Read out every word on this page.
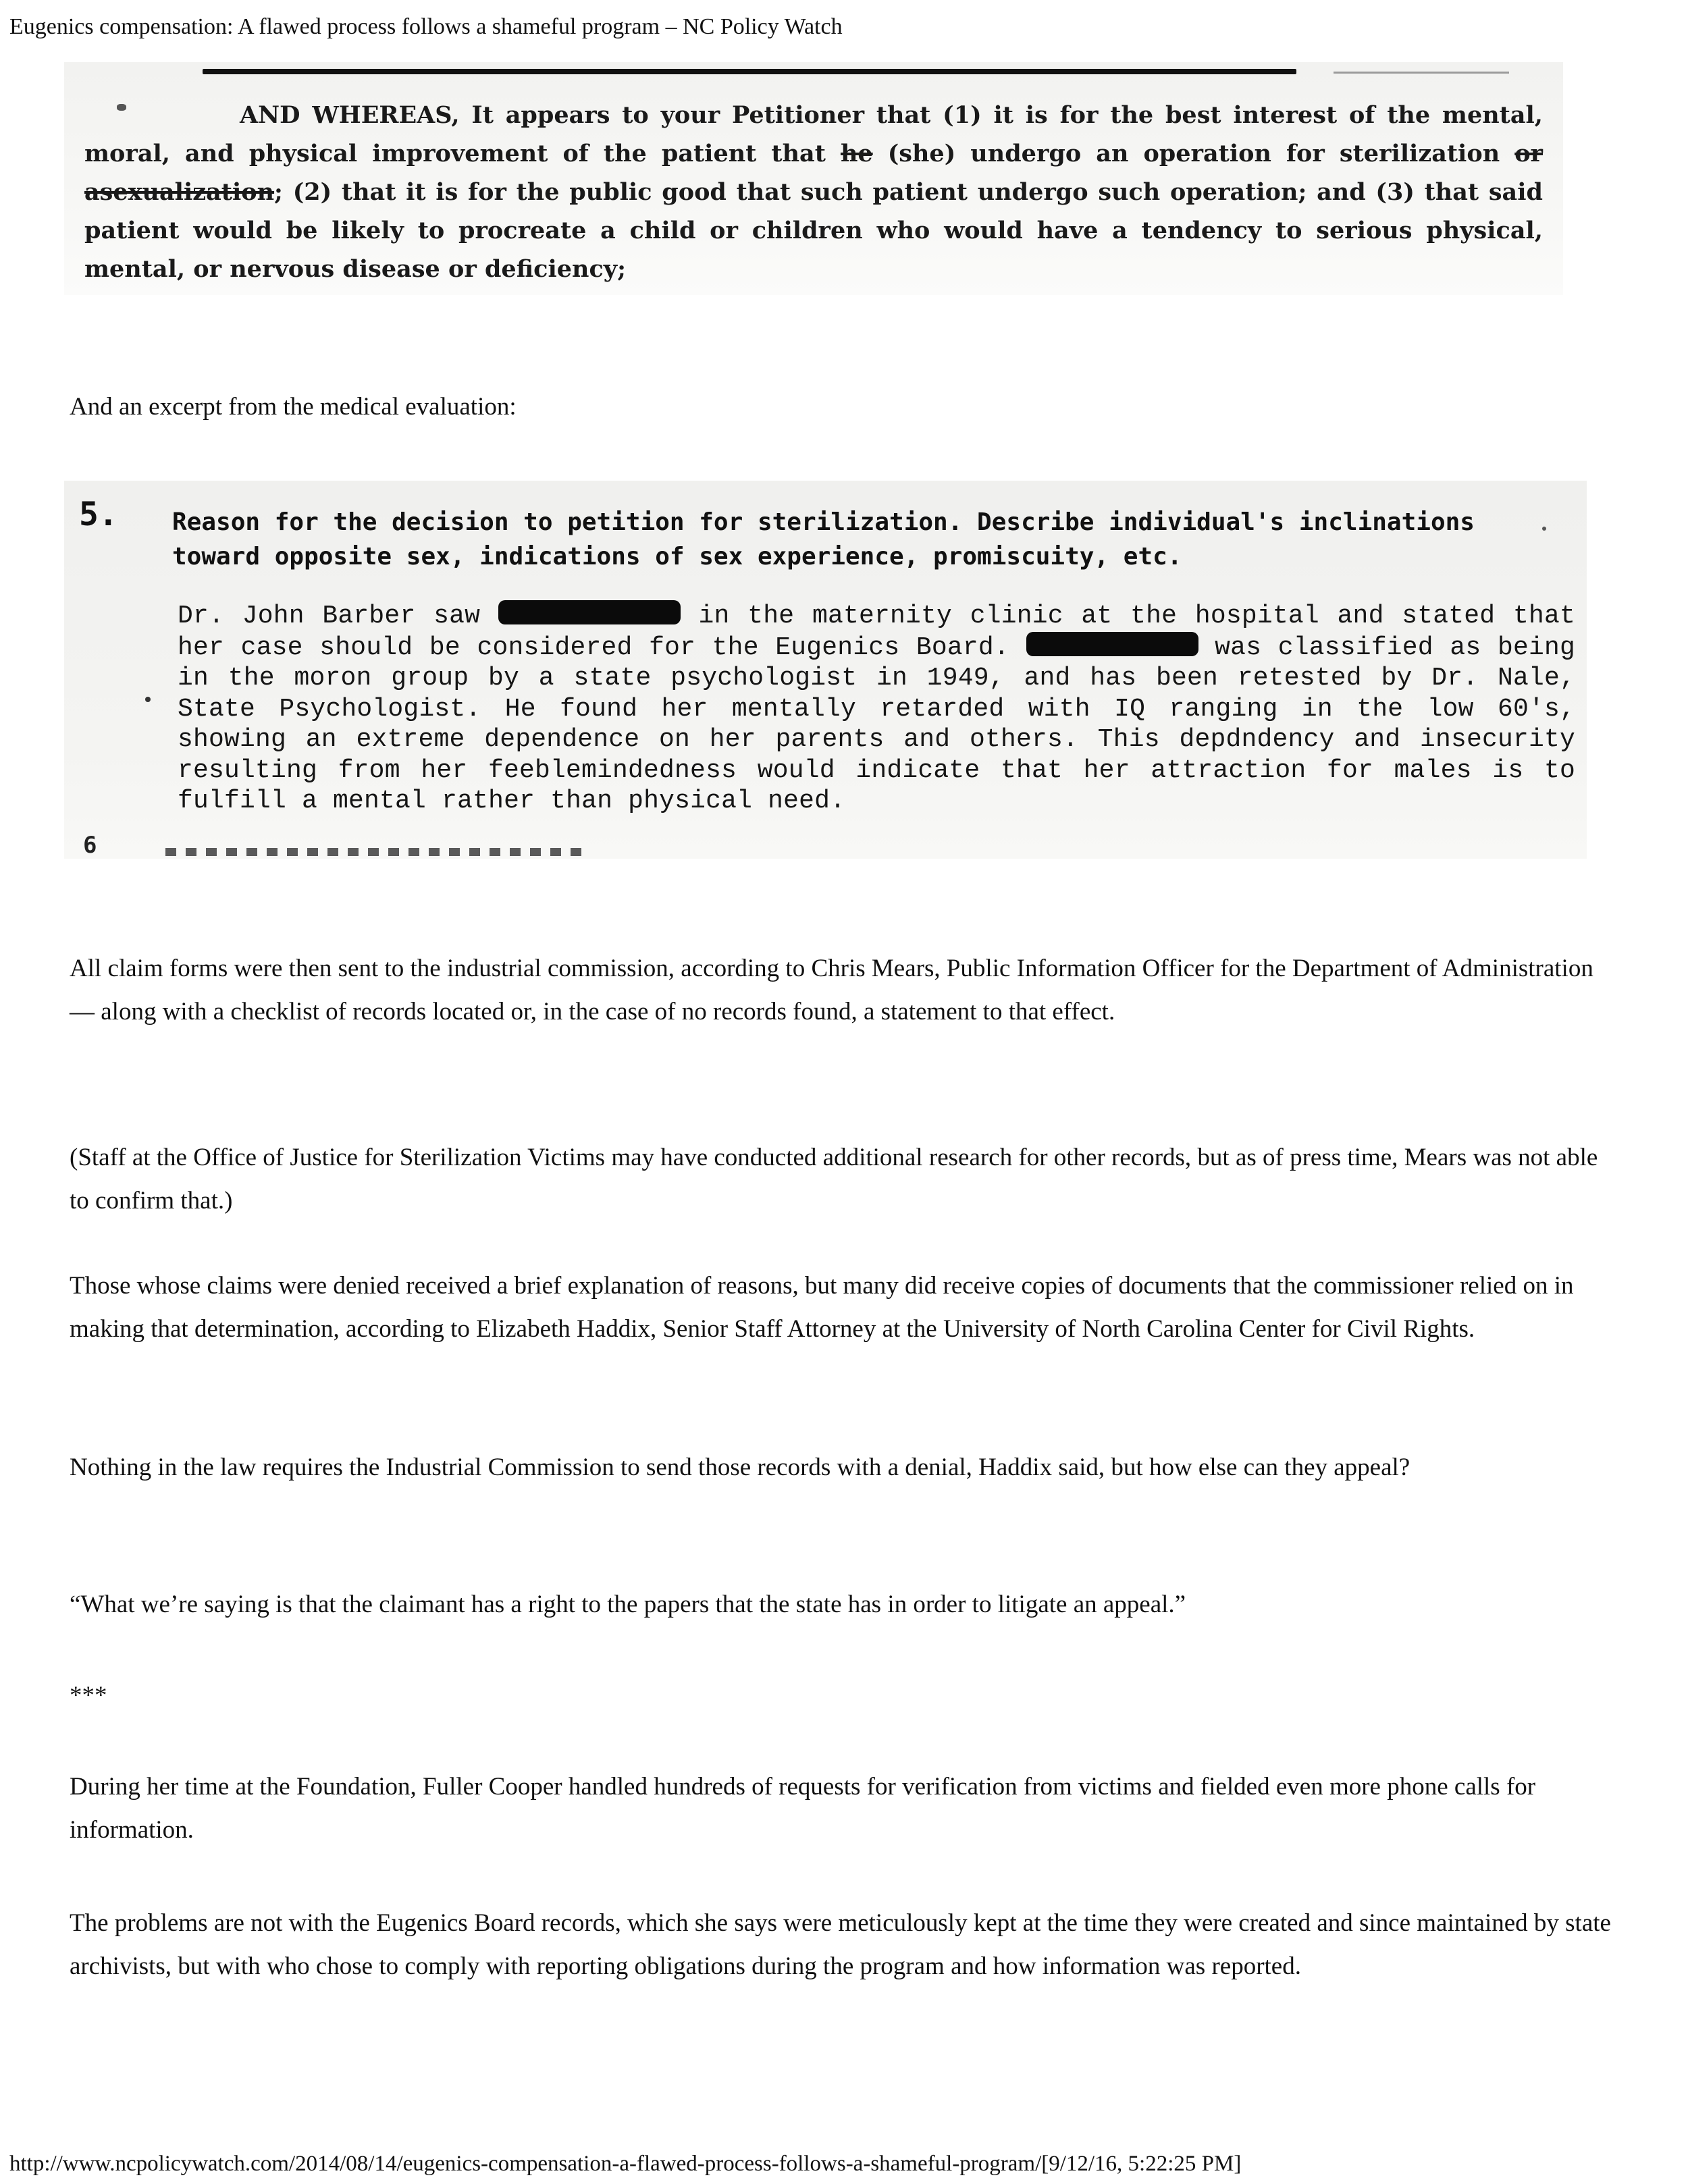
Eugenics compensation: A flawed process follows a shameful program – NC Policy Watch

AND WHEREAS, It appears to your Petitioner that (1) it is for the best interest of the mental, moral, and physical improvement of the patient that he (she) undergo an operation for sterilization or asexualization; (2) that it is for the public good that such patient undergo such operation; and (3) that said patient would be likely to procreate a child or children who would have a tendency to serious physical, mental, or nervous disease or deficiency;

And an excerpt from the medical evaluation:

5. Reason for the decision to petition for sterilization. Describe individual's inclinations toward opposite sex, indications of sex experience, promiscuity, etc.

Dr. John Barber saw	in the maternity clinic at the hospital and stated that her case should be considered for the Eugenics Board.	was classified as being in the moron group by a state psychologist in 1949, and has been retested by Dr. Nale, State Psychologist. He found her mentally retarded with IQ ranging in the low 60's, showing an extreme dependence on her parents and others. This depdndency and insecurity resulting from her feeblemindedness would indicate that her attraction for males is to fulfill a mental rather than physical need.

6

All claim forms were then sent to the industrial commission, according to Chris Mears, Public Information Officer for the Department of Administration — along with a checklist of records located or, in the case of no records found, a statement to that effect.

(Staff at the Office of Justice for Sterilization Victims may have conducted additional research for other records, but as of press time, Mears was not able to confirm that.)

Those whose claims were denied received a brief explanation of reasons, but many did receive copies of documents that the commissioner relied on in making that determination, according to Elizabeth Haddix, Senior Staff Attorney at the University of North Carolina Center for Civil Rights.

Nothing in the law requires the Industrial Commission to send those records with a denial, Haddix said, but how else can they appeal?

“What we’re saying is that the claimant has a right to the papers that the state has in order to litigate an appeal.”

***

During her time at the Foundation, Fuller Cooper handled hundreds of requests for verification from victims and fielded even more phone calls for information.

The problems are not with the Eugenics Board records, which she says were meticulously kept at the time they were created and since maintained by state archivists, but with who chose to comply with reporting obligations during the program and how information was reported.

http://www.ncpolicywatch.com/2014/08/14/eugenics-compensation-a-flawed-process-follows-a-shameful-program/[9/12/16, 5:22:25 PM]
